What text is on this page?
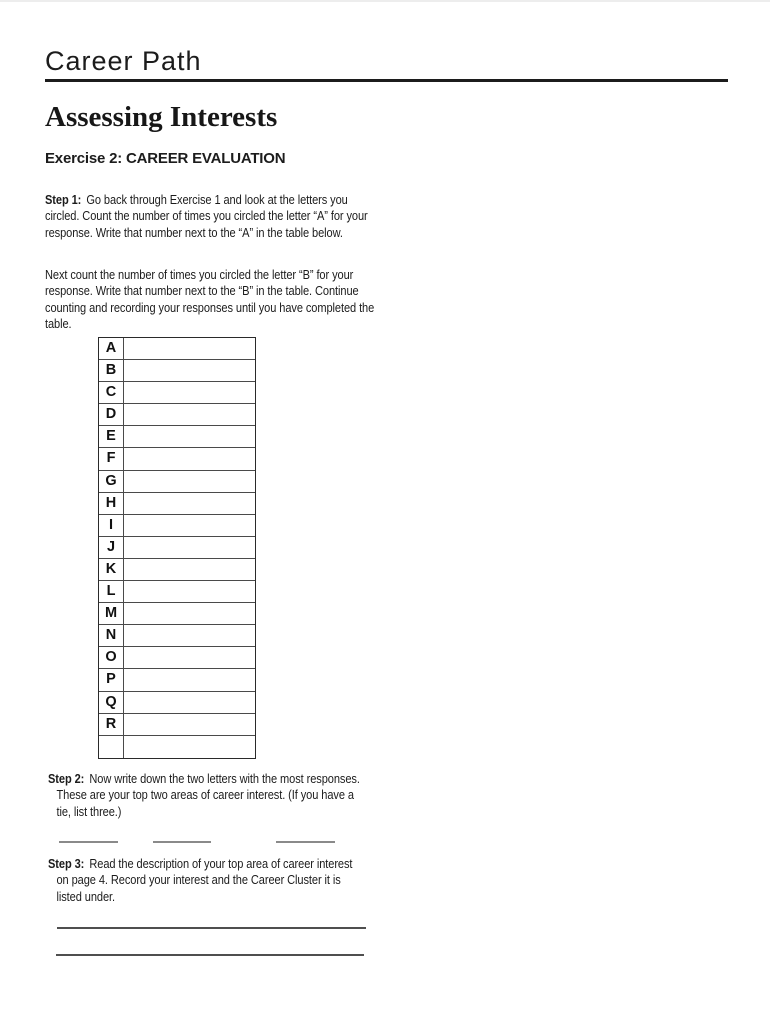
Career Path
Assessing Interests
Exercise 2: CAREER EVALUATION

Step 1: Go back through Exercise 1 and look at the letters you circled. Count the number of times you circled the letter “A” for your response. Write that number next to the “A” in the table below.

Next count the number of times you circled the letter “B” for your response. Write that number next to the “B” in the table. Continue counting and recording your responses until you have completed the table.

A
B
C
D
E
F
G
H
I
J
K
L
M
N
O
P
Q
R

Step 2: Now write down the two letters with the most responses. These are your top two areas of career interest. (If you have a tie, list three.)

Step 3: Read the description of your top area of career interest on page 4. Record your interest and the Career Cluster it is listed under.
